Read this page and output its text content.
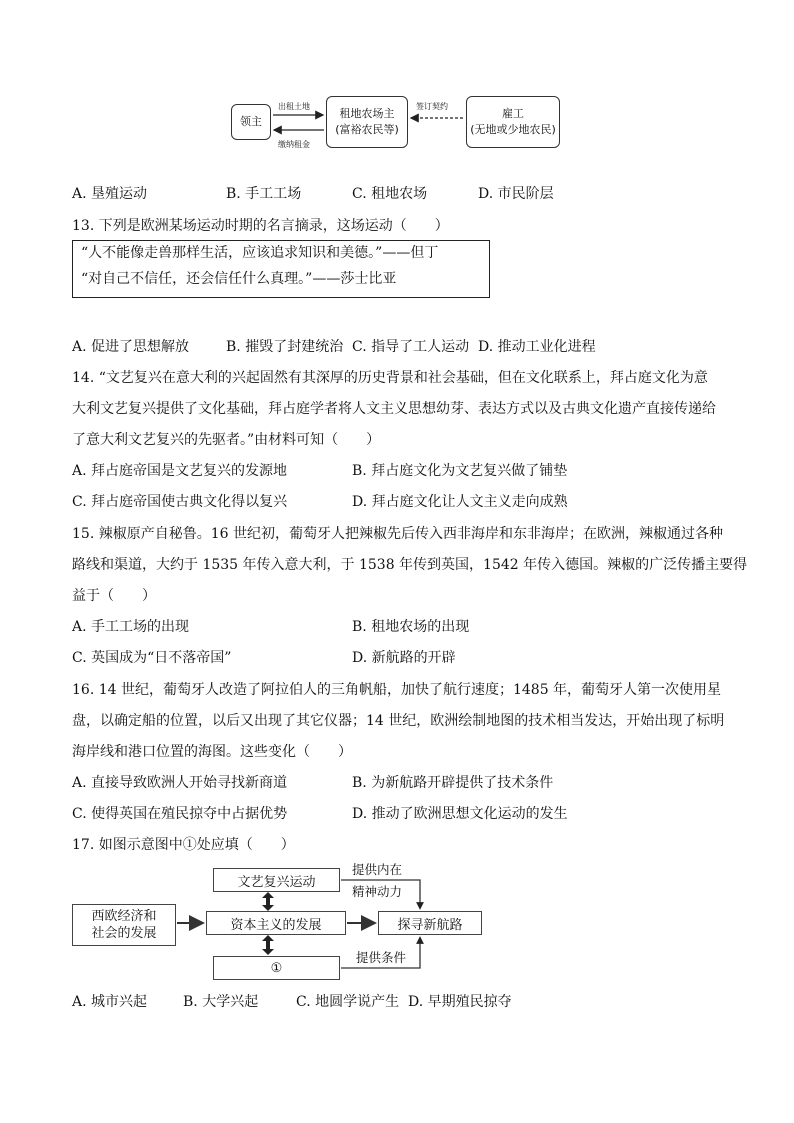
领主
租地农场主
(富裕农民等)
雇工
(无地或少地农民)
出租土地
缴纳租金
签订契约
A. 垦殖运动	B. 手工工场	C. 租地农场	D. 市民阶层
13. 下列是欧洲某场运动时期的名言摘录，这场运动（　　）
“人不能像走兽那样生活，应该追求知识和美德。”——但丁
“对自己不信任，还会信任什么真理。”——莎士比亚
A. 促进了思想解放	B. 摧毁了封建统治 C. 指导了工人运动 D. 推动工业化进程
14. “文艺复兴在意大利的兴起固然有其深厚的历史背景和社会基础，但在文化联系上，拜占庭文化为意
大利文艺复兴提供了文化基础，拜占庭学者将人文主义思想幼芽、表达方式以及古典文化遗产直接传递给
了意大利文艺复兴的先驱者。”由材料可知（　　）
A. 拜占庭帝国是文艺复兴的发源地	B. 拜占庭文化为文艺复兴做了铺垫
C. 拜占庭帝国使古典文化得以复兴	D. 拜占庭文化让人文主义走向成熟
15. 辣椒原产自秘鲁。16 世纪初，葡萄牙人把辣椒先后传入西非海岸和东非海岸；在欧洲，辣椒通过各种
路线和渠道，大约于 1535 年传入意大利，于 1538 年传到英国，1542 年传入德国。辣椒的广泛传播主要得
益于（　　）
A. 手工工场的出现	B. 租地农场的出现
C. 英国成为“日不落帝国”	D. 新航路的开辟
16. 14 世纪，葡萄牙人改造了阿拉伯人的三角帆船，加快了航行速度；1485 年，葡萄牙人第一次使用星
盘，以确定船的位置，以后又出现了其它仪器；14 世纪，欧洲绘制地图的技术相当发达，开始出现了标明
海岸线和港口位置的海图。这些变化（　　）
A. 直接导致欧洲人开始寻找新商道	B. 为新航路开辟提供了技术条件
C. 使得英国在殖民掠夺中占据优势	D. 推动了欧洲思想文化运动的发生
17. 如图示意图中①处应填（　　）
文艺复兴运动
西欧经济和
社会的发展
资本主义的发展	探寻新航路
①
提供内在
精神动力
提供条件
A. 城市兴起	B. 大学兴起	C. 地圆学说产生 D. 早期殖民掠夺
